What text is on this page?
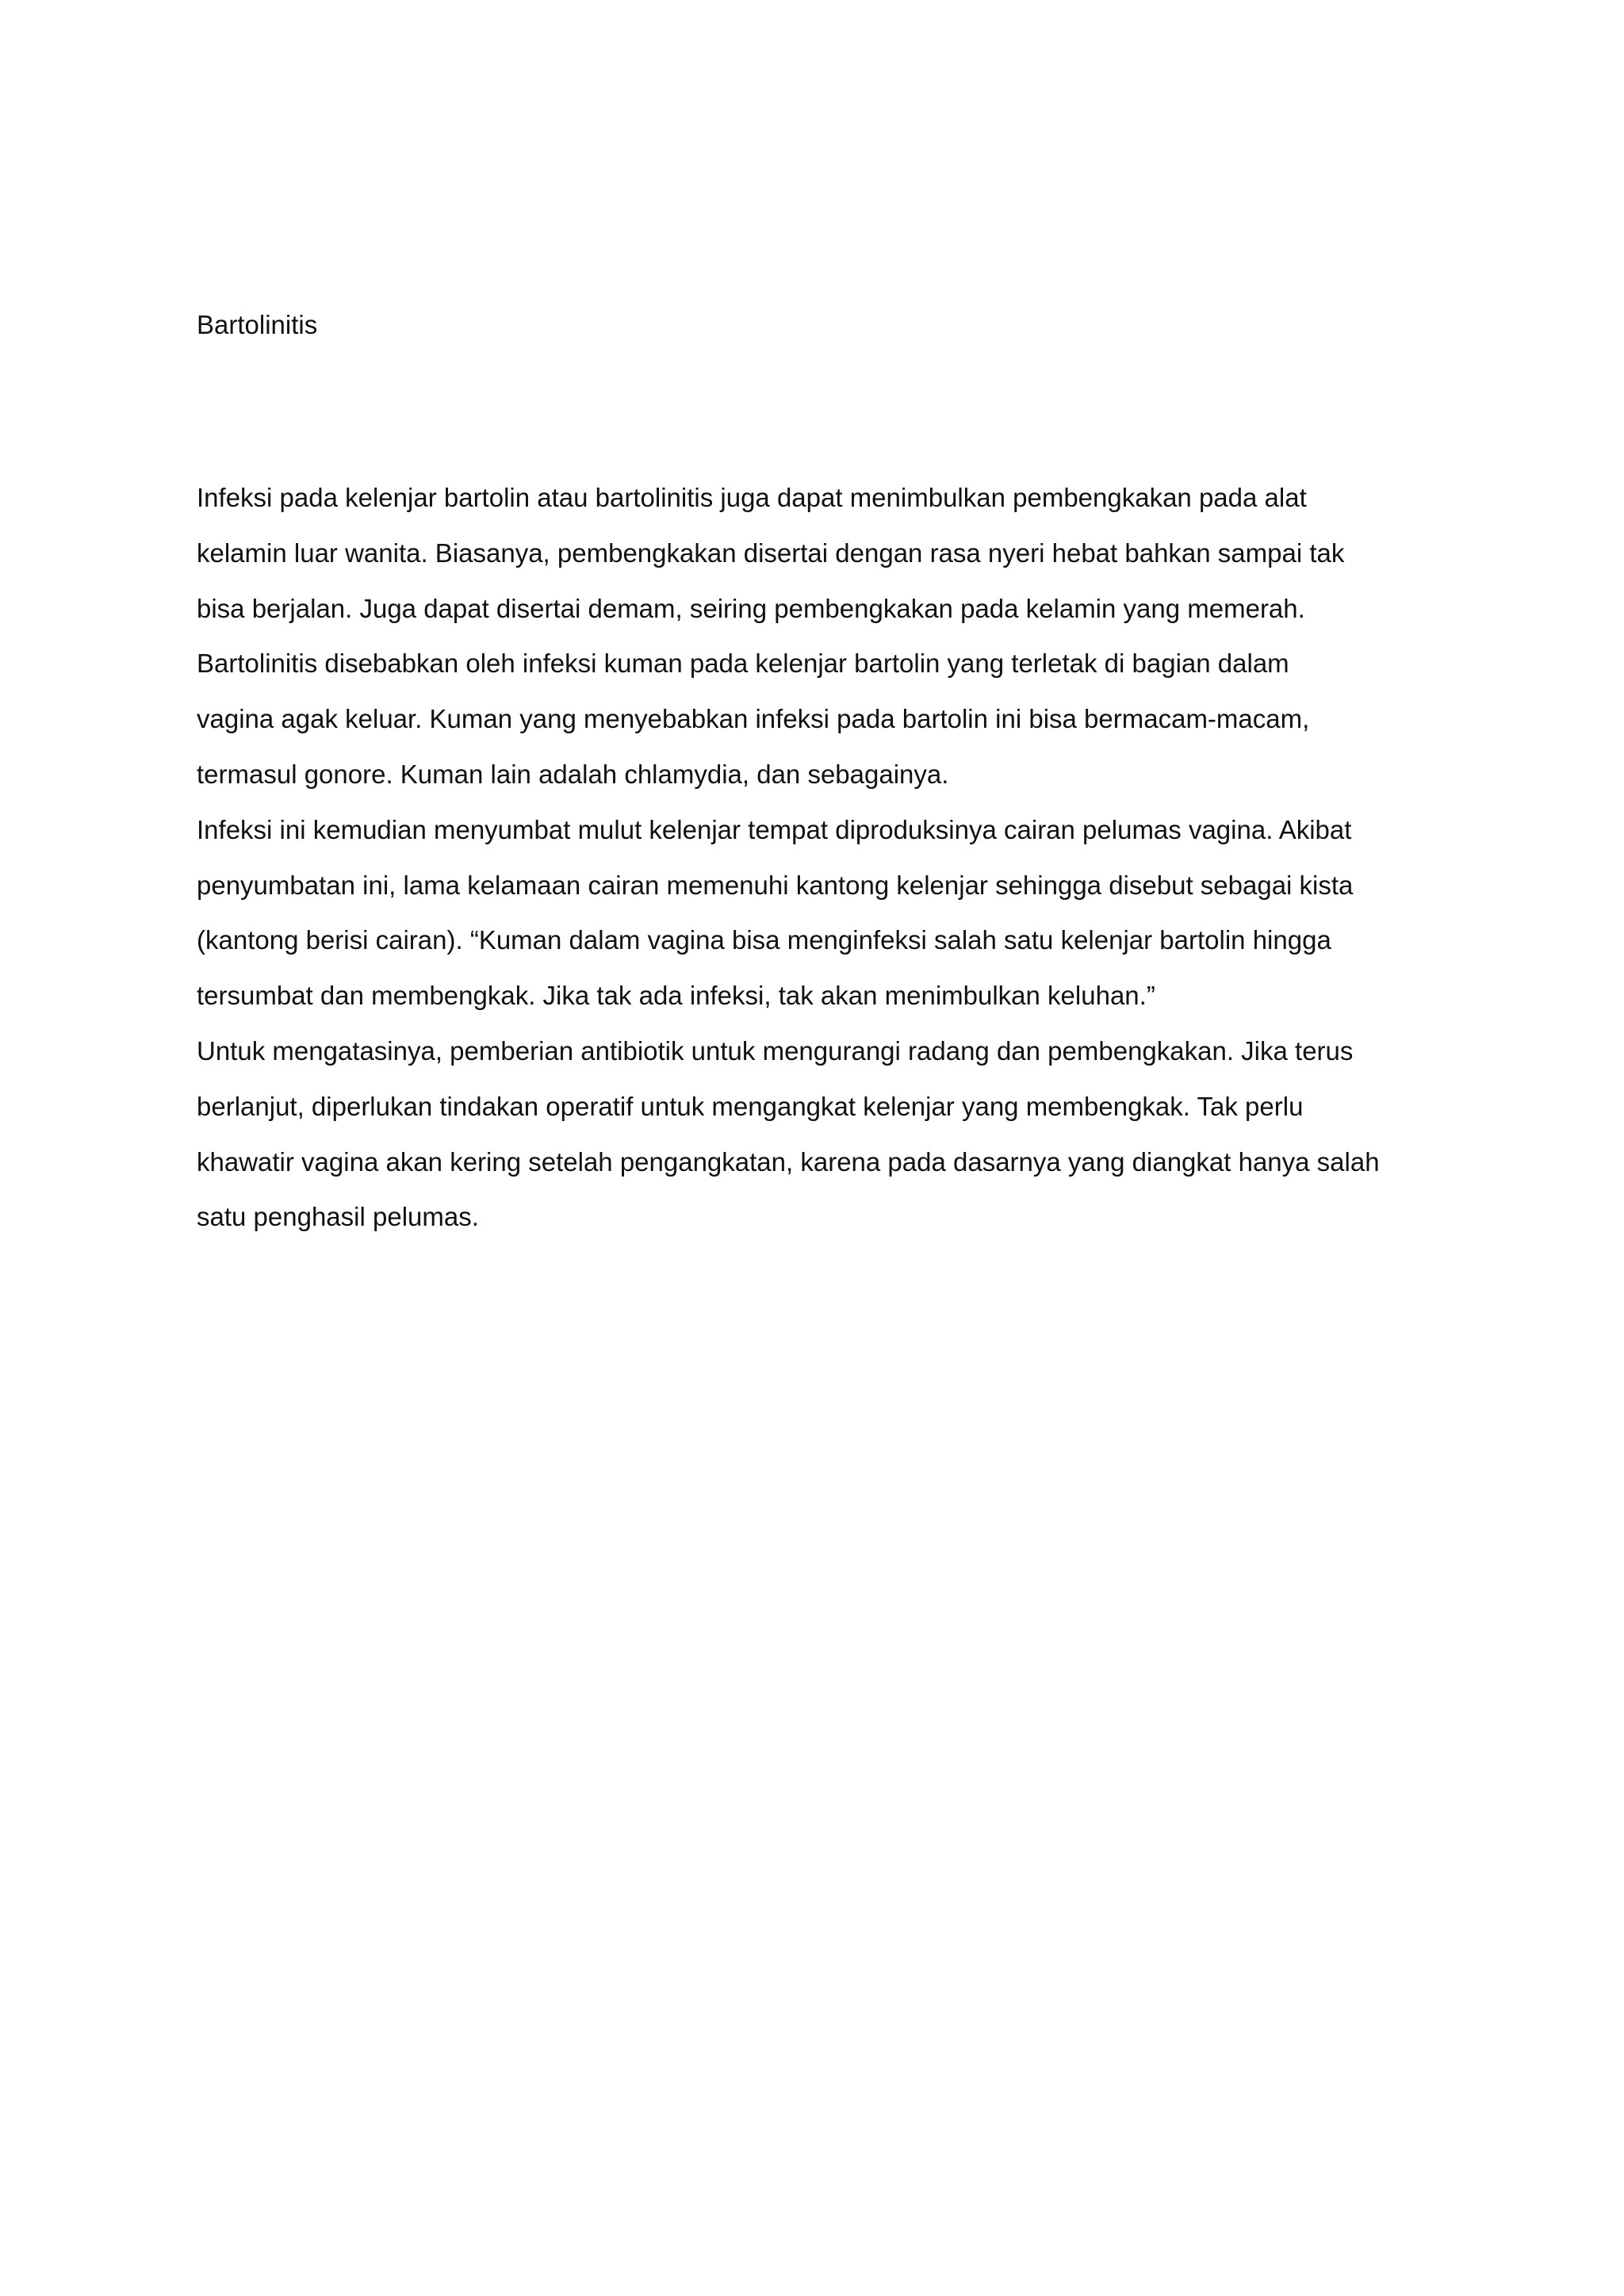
Bartolinitis
Infeksi pada kelenjar bartolin atau bartolinitis juga dapat menimbulkan pembengkakan pada alat
kelamin luar wanita. Biasanya, pembengkakan disertai dengan rasa nyeri hebat bahkan sampai tak
bisa berjalan. Juga dapat disertai demam, seiring pembengkakan pada kelamin yang memerah.
Bartolinitis disebabkan oleh infeksi kuman pada kelenjar bartolin yang terletak di bagian dalam
vagina agak keluar. Kuman yang menyebabkan infeksi pada bartolin ini bisa bermacam-macam,
termasul gonore. Kuman lain adalah chlamydia, dan sebagainya.
Infeksi ini kemudian menyumbat mulut kelenjar tempat diproduksinya cairan pelumas vagina. Akibat
penyumbatan ini, lama kelamaan cairan memenuhi kantong kelenjar sehingga disebut sebagai kista
(kantong berisi cairan). “Kuman dalam vagina bisa menginfeksi salah satu kelenjar bartolin hingga
tersumbat dan membengkak. Jika tak ada infeksi, tak akan menimbulkan keluhan.”
Untuk mengatasinya, pemberian antibiotik untuk mengurangi radang dan pembengkakan. Jika terus
berlanjut, diperlukan tindakan operatif untuk mengangkat kelenjar yang membengkak. Tak perlu
khawatir vagina akan kering setelah pengangkatan, karena pada dasarnya yang diangkat hanya salah
satu penghasil pelumas.
